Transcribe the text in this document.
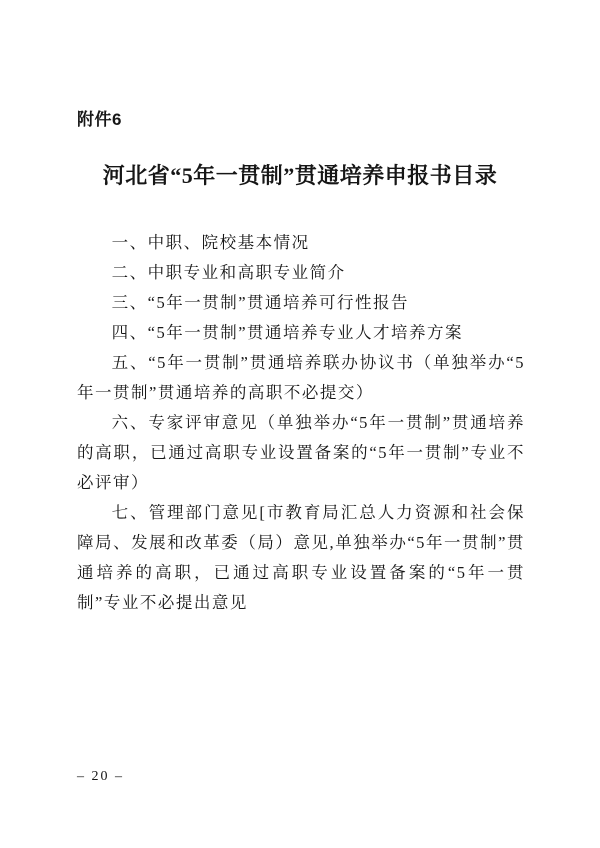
附件6
河北省“5年一贯制”贯通培养申报书目录

一、中职、院校基本情况

二、中职专业和高职专业简介

三、“5年一贯制”贯通培养可行性报告

四、“5年一贯制”贯通培养专业人才培养方案

五、“5年一贯制”贯通培养联办协议书（单独举办“5年一贯制”贯通培养的高职不必提交）

六、专家评审意见（单独举办“5年一贯制”贯通培养的高职，已通过高职专业设置备案的“5年一贯制”专业不必评审）

七、管理部门意见[市教育局汇总人力资源和社会保障局、发展和改革委（局）意见,单独举办“5年一贯制”贯通培养的高职，已通过高职专业设置备案的“5年一贯制”专业不必提出意见

– 20 –
